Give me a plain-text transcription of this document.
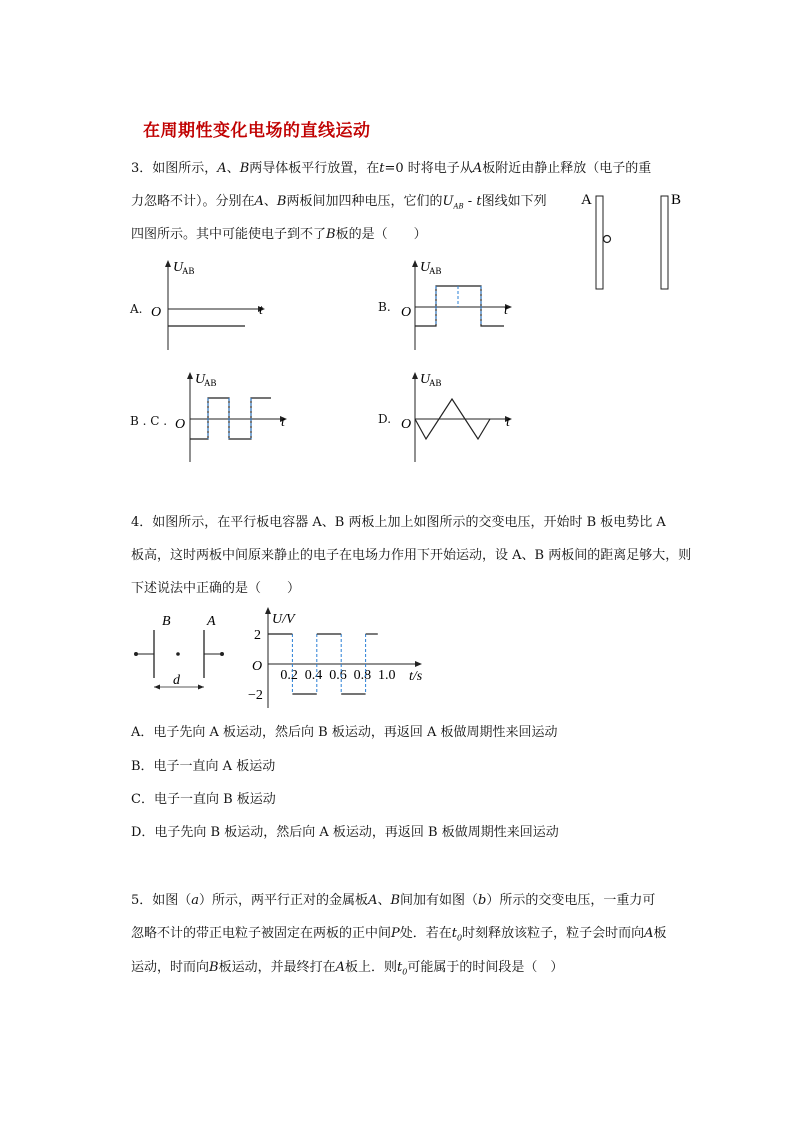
在周期性变化电场的直线运动
3．如图所示，A、B两导体板平行放置，在t=0 时将电子从A板附近由静止释放（电子的重
力忽略不计）。分别在A、B两板间加四种电压，它们的$U_{AB}$ - t图线如下列
四图所示。其中可能使电子到不了B板的是（　　）
A	B
A.
U
AB
O	t	B.
U
AB
O	t
B . C .
U
AB
O	t	D.
U
AB
O	t
4．如图所示，在平行板电容器 A、B 两板上加上如图所示的交变电压，开始时 B 板电势比 A
板高，这时两板中间原来静止的电子在电场力作用下开始运动，设 A、B 两板间的距离足够大，则
下述说法中正确的是（　　）
B	A
d
U/V
t/s
O
2
−2
0.2 0.4 0.6 0.8 1.0
A．电子先向 A 板运动，然后向 B 板运动，再返回 A 板做周期性来回运动
B．电子一直向 A 板运动
C．电子一直向 B 板运动
D．电子先向 B 板运动，然后向 A 板运动，再返回 B 板做周期性来回运动
5．如图（a）所示，两平行正对的金属板A、B间加有如图（b）所示的交变电压，一重力可
忽略不计的带正电粒子被固定在两板的正中间P处．若在$t_0$时刻释放该粒子，粒子会时而向A板
运动，时而向B板运动，并最终打在A板上．则$t_0$可能属于的时间段是（　）
